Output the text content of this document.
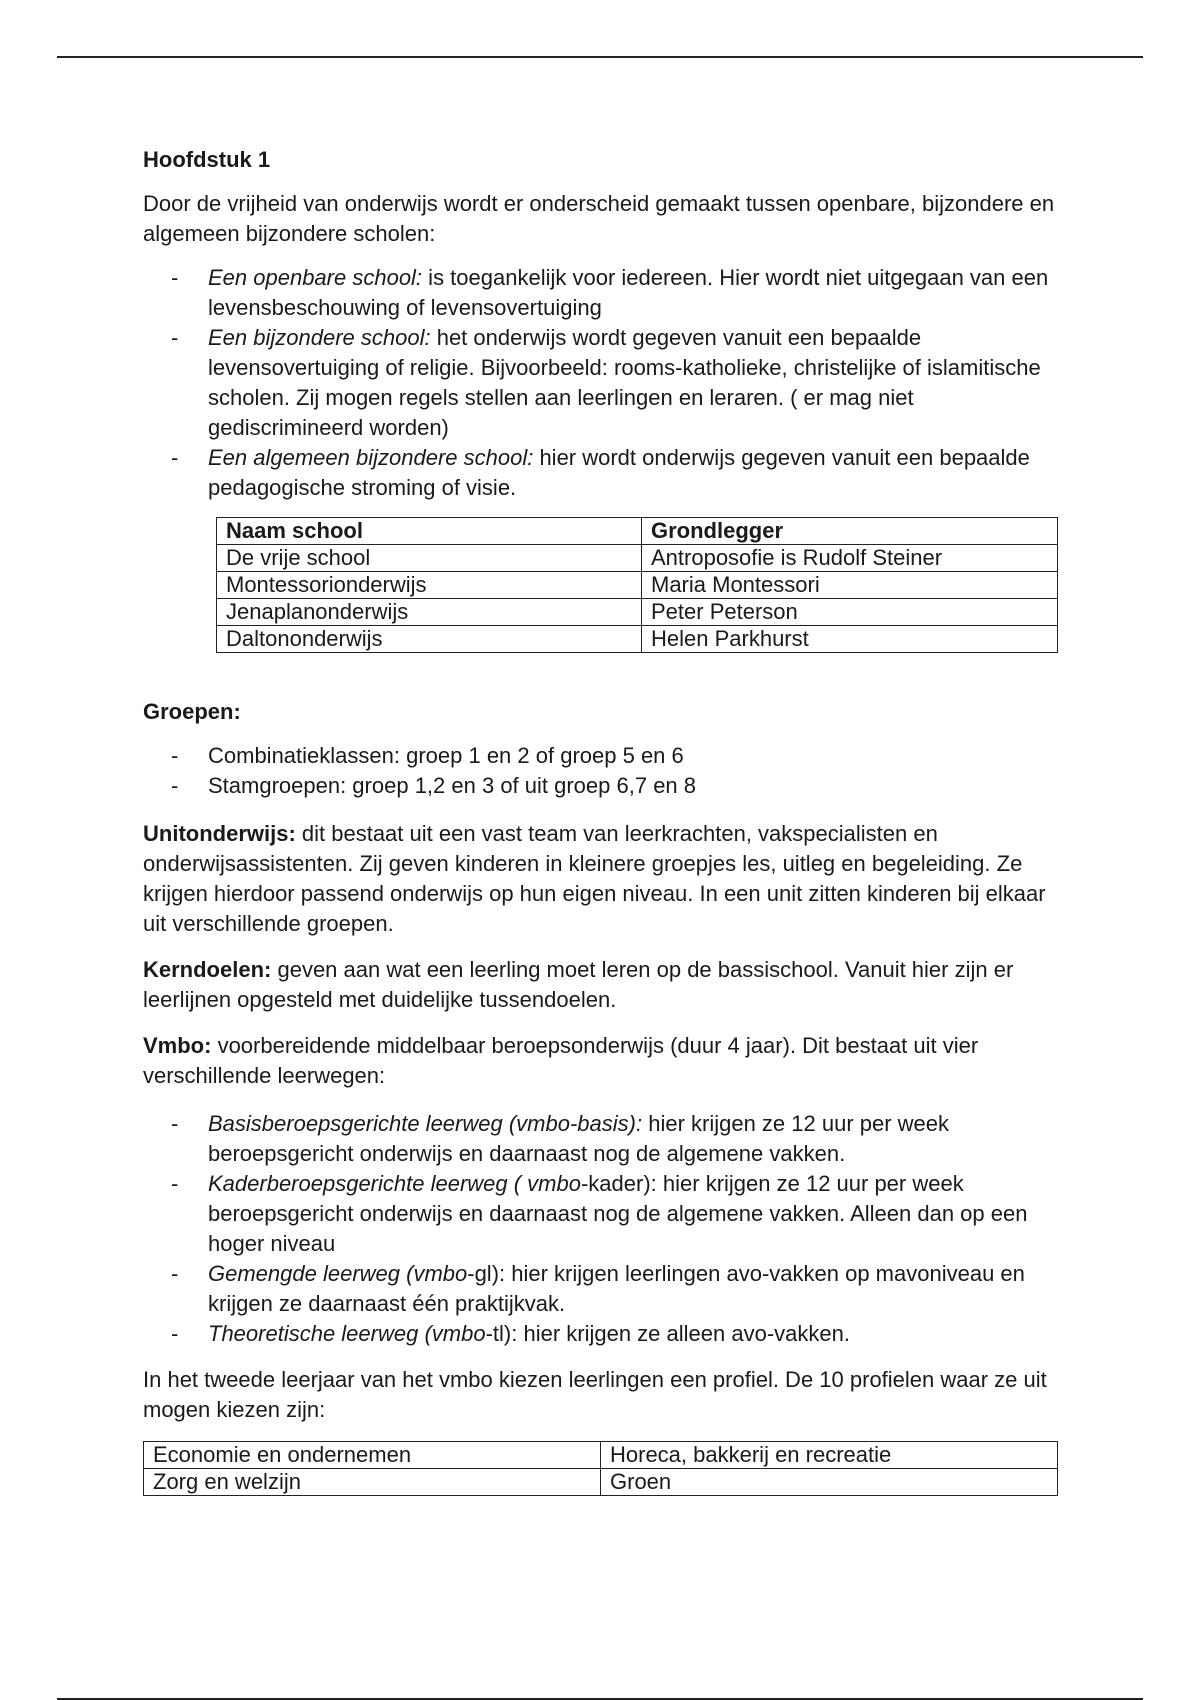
Hoofdstuk 1

Door de vrijheid van onderwijs wordt er onderscheid gemaakt tussen openbare, bijzondere en algemeen bijzondere scholen:

- Een openbare school: is toegankelijk voor iedereen. Hier wordt niet uitgegaan van een levensbeschouwing of levensovertuiging
- Een bijzondere school: het onderwijs wordt gegeven vanuit een bepaalde levensovertuiging of religie. Bijvoorbeeld: rooms-katholieke, christelijke of islamitische scholen. Zij mogen regels stellen aan leerlingen en leraren. ( er mag niet gediscrimineerd worden)
- Een algemeen bijzondere school: hier wordt onderwijs gegeven vanuit een bepaalde pedagogische stroming of visie.
Naam school	Grondlegger
De vrije school	Antroposofie is Rudolf Steiner
Montessorionderwijs	Maria Montessori
Jenaplanonderwijs	Peter Peterson
Daltononderwijs	Helen Parkhurst

Groepen:

- Combinatieklassen: groep 1 en 2 of groep 5 en 6
- Stamgroepen: groep 1,2 en 3 of uit groep 6,7 en 8

Unitonderwijs: dit bestaat uit een vast team van leerkrachten, vakspecialisten en onderwijsassistenten. Zij geven kinderen in kleinere groepjes les, uitleg en begeleiding. Ze krijgen hierdoor passend onderwijs op hun eigen niveau. In een unit zitten kinderen bij elkaar uit verschillende groepen.

Kerndoelen: geven aan wat een leerling moet leren op de bassischool. Vanuit hier zijn er leerlijnen opgesteld met duidelijke tussendoelen.

Vmbo: voorbereidende middelbaar beroepsonderwijs (duur 4 jaar). Dit bestaat uit vier verschillende leerwegen:

- Basisberoepsgerichte leerweg (vmbo-basis): hier krijgen ze 12 uur per week beroepsgericht onderwijs en daarnaast nog de algemene vakken.
- Kaderberoepsgerichte leerweg ( vmbo-kader): hier krijgen ze 12 uur per week beroepsgericht onderwijs en daarnaast nog de algemene vakken. Alleen dan op een hoger niveau
- Gemengde leerweg (vmbo-gl): hier krijgen leerlingen avo-vakken op mavoniveau en krijgen ze daarnaast één praktijkvak.
- Theoretische leerweg (vmbo-tl): hier krijgen ze alleen avo-vakken.

In het tweede leerjaar van het vmbo kiezen leerlingen een profiel. De 10 profielen waar ze uit mogen kiezen zijn:

Economie en ondernemen	Horeca, bakkerij en recreatie
Zorg en welzijn	Groen
